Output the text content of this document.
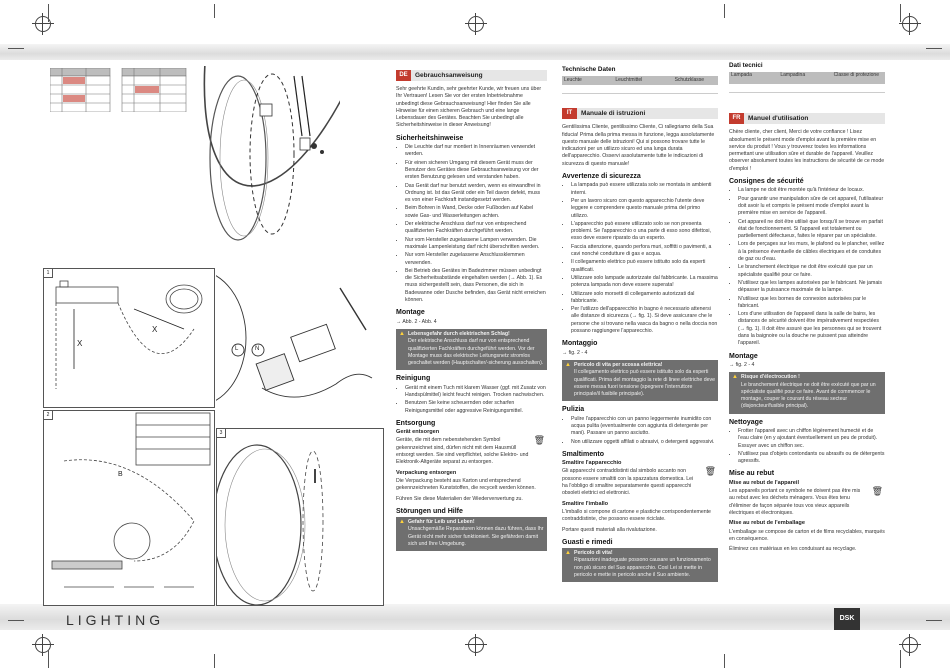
LIGHTING	DSK
1
X
X
L	N
2
B
3
DE	Gebrauchsanweisung

Sehr geehrte Kundin, sehr geehrter Kunde, wir freuen uns über Ihr Vertrauen! Lesen Sie vor der ersten Inbetriebnahme unbedingt diese Gebrauchsanweisung! Hier finden Sie alle Hinweise für einen sicheren Gebrauch und eine lange Lebensdauer des Gerätes. Beachten Sie unbedingt alle Sicherheitshinweise in dieser Anweisung!

Sicherheitshinweise
• Die Leuchte darf nur montiert in Innenräumen verwendet werden.
• Für einen sicheren Umgang mit diesem Gerät muss der Benutzer des Gerätes diese Gebrauchsanweisung vor der ersten Benutzung gelesen und verstanden haben.
• Das Gerät darf nur benutzt werden, wenn es einwandfrei in Ordnung ist. Ist das Gerät oder ein Teil davon defekt, muss es von einer Fachkraft instandgesetzt werden.
• Beim Bohren in Wand, Decke oder Fußboden auf Kabel sowie Gas- und Wasserleitungen achten.
• Der elektrische Anschluss darf nur von entsprechend qualifizierten Fachkräften durchgeführt werden.
• Nur vom Hersteller zugelassene Lampen verwenden. Die maximale Lampenleistung darf nicht überschritten werden.
• Nur vom Hersteller zugelassene Anschlussklemmen verwenden.
• Bei Betrieb des Gerätes im Badezimmer müssen unbedingt die Sicherheitsabstände eingehalten werden (→ Abb. 1). Es muss sichergestellt sein, dass Personen, die sich in Badewanne oder Dusche befinden, das Gerät nicht erreichen können.
Montage

→ Abb. 2 - Abb. 4

▲ Lebensgefahr durch elektrischen Schlag!
Der elektrische Anschluss darf nur von entsprechend qualifizierten Fachkräften durchgeführt werden. Vor der Montage muss das elektrische Leitungsnetz stromlos geschaltet werden (Hauptschalter/-sicherung ausschalten).
Reinigung
• Gerät mit einem Tuch mit klarem Wasser (ggf. mit Zusatz von Handspülmittel) leicht feucht reinigen. Trocken nachwischen.
• Benutzen Sie keine scheuernden oder scharfen Reinigungsmittel oder aggressive Reinigungsmittel.
Entsorgung
Gerät entsorgen

Geräte, die mit dem nebenstehenden Symbol gekennzeichnet sind, dürfen nicht mit dem Hausmüll entsorgt werden. Sie sind verpflichtet, solche Elektro- und Elektronik-Altgeräte separat zu entsorgen.
🗑

Verpackung entsorgen

Die Verpackung besteht aus Karton und entsprechend gekennzeichneten Kunststoffen, die recycelt werden können.

Führen Sie diese Materialien der Wiederverwertung zu.

Störungen und Hilfe
▲ Gefahr für Leib und Leben!
Unsachgemäße Reparaturen können dazu führen, dass Ihr Gerät nicht mehr sicher funktioniert. Sie gefährden damit sich und Ihre Umgebung.
Technische Daten
Leuchte	Leuchtmittel	Schutzklasse
IT	Manuale di istruzioni

Gentilissima Cliente, gentilissimo Cliente, Ci rallegriamo della Sua fiducia! Prima della prima messa in funzione, legga assolutamente questo manuale delle istruzioni! Qui si possono trovare tutte le indicazioni per un utilizzo sicuro ed una lunga durata dell'apparecchio. Osservi assolutamente tutte le indicazioni di sicurezza di questo manuale!

Avvertenze di sicurezza
• La lampada può essere utilizzata solo se montata in ambienti interni.
• Per un lavoro sicuro con questo apparecchio l'utente deve leggere e comprendere questo manuale prima del primo utilizzo.
• L'apparecchio può essere utilizzato solo se non presenta problemi. Se l'apparecchio o una parte di esso sono difettosi, esso deve essere riparato da un esperto.
• Faccia attenzione, quando perfora muri, soffitti o pavimenti, a cavi nonché condutture di gas e acqua.
• Il collegamento elettrico può essere istituito solo da esperti qualificati.
• Utilizzare solo lampade autorizzate dal fabbricante. La massima potenza lampada non deve essere superata!
• Utilizzare solo morsetti di collegamento autorizzati dal fabbricante.
• Per l'utilizzo dell'apparecchio in bagno è necessario attenersi alle distanze di sicurezza (→ fig. 1). Si deve assicurare che le persone che si trovano nella vasca da bagno o nella doccia non possano raggiungere l'apparecchio.
Montaggio

→ fig. 2 - 4

▲ Pericolo di vita per scossa elettrica!
Il collegamento elettrico può essere istituito solo da esperti qualificati. Prima del montaggio la rete di linee elettriche deve essere messa fuori tensione (spegnere l'interruttore principale/il fusibile principale).
Pulizia
• Pulire l'apparecchio con un panno leggermente inumidito con acqua pulita (eventualmente con aggiunta di detergente per mani). Passare un panno asciutto.
• Non utilizzare oggetti affilati o abrasivi, o detergenti aggressivi.
Smaltimento
Smaltire l'apparecchio

Gli apparecchi contraddistinti dal simbolo accanto non possono essere smaltiti con la spazzatura domestica. Lei ha l'obbligo di smaltire separatamente questi apparecchi obsoleti elettrici ed elettronici.
🗑

Smaltire l'imballo

L'imballo si compone di cartone e plastiche corrispondentemente contraddistinte, che possono essere riciclate.

Portare questi materiali alla rivalutazione.

Guasti e rimedi
▲ Pericolo di vita!
Riparazioni inadeguate possono causare un funzionamento non più sicuro del Suo apparecchio. Così Lei si mette in pericolo e mette in pericolo anche il Suo ambiente.
Dati tecnici
Lampada	Lampadina	Classe di protezione
FR	Manuel d'utilisation

Chère cliente, cher client, Merci de votre confiance ! Lisez absolument le présent mode d'emploi avant la première mise en service du produit ! Vous y trouverez toutes les informations permettant une utilisation sûre et durable de l'appareil. Veuillez observer absolument toutes les instructions de sécurité de ce mode d'emploi !

Consignes de sécurité
• La lampe ne doit être montée qu'à l'intérieur de locaux.
• Pour garantir une manipulation sûre de cet appareil, l'utilisateur doit avoir lu et compris le présent mode d'emploi avant la première mise en service de l'appareil.
• Cet appareil ne doit être utilisé que lorsqu'il se trouve en parfait état de fonctionnement. Si l'appareil est totalement ou partiellement défectueux, faites le réparer par un spécialiste.
• Lors de perçages sur les murs, le plafond ou le plancher, veillez à la présence éventuelle de câbles électriques et de conduites de gaz ou d'eau.
• Le branchement électrique ne doit être exécuté que par un spécialiste qualifié pour ce faire.
• N'utilisez que les lampes autorisées par le fabricant. Ne jamais dépasser la puissance maximale de la lampe.
• N'utilisez que les bornes de connexion autorisées par le fabricant.
• Lors d'une utilisation de l'appareil dans la salle de bains, les distances de sécurité doivent être impérativement respectées (→ fig. 1). Il doit être assuré que les personnes qui se trouvent dans la baignoire ou la douche ne puissent pas atteindre l'appareil.
Montage

→ fig. 2 - 4

▲ Risque d'électrocution !
Le branchement électrique ne doit être exécuté que par un spécialiste qualifié pour ce faire. Avant de commencer le montage, couper le courant du réseau secteur (disjoncteur/fusible principal).
Nettoyage
• Frotter l'appareil avec un chiffon légèrement humecté et de l'eau claire (en y ajoutant éventuellement un peu de produit). Essuyer avec un chiffon sec.
• N'utilisez pas d'objets contondants ou abrasifs ou de détergents agressifs.
Mise au rebut
Mise au rebut de l'appareil

Les appareils portant ce symbole ne doivent pas être mis au rebut avec les déchets ménagers. Vous êtes tenu d'éliminer de façon séparée tous vos vieux appareils électriques et électroniques.
🗑

Mise au rebut de l'emballage

L'emballage se compose de carton et de films recyclables, marqués en conséquence.

Éliminez ces matériaux en les conduisant au recyclage.
